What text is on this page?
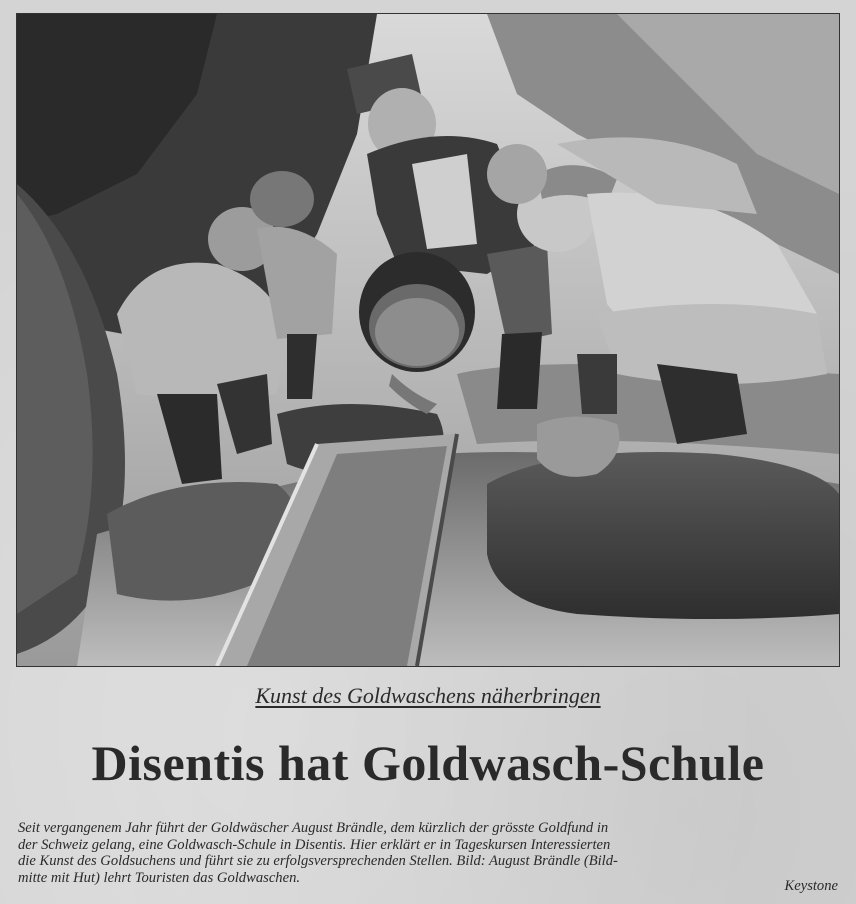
Kunst des Goldwaschens näherbringen
Disentis hat Goldwasch-Schule
Seit vergangenem Jahr führt der Goldwäscher August Brändle, dem kürzlich der grösste Goldfund in
der Schweiz gelang, eine Goldwasch-Schule in Disentis. Hier erklärt er in Tageskursen Interessierten
die Kunst des Goldsuchens und führt sie zu erfolgsversprechenden Stellen. Bild: August Brändle (Bild-
mitte mit Hut) lehrt Touristen das Goldwaschen.
Keystone
